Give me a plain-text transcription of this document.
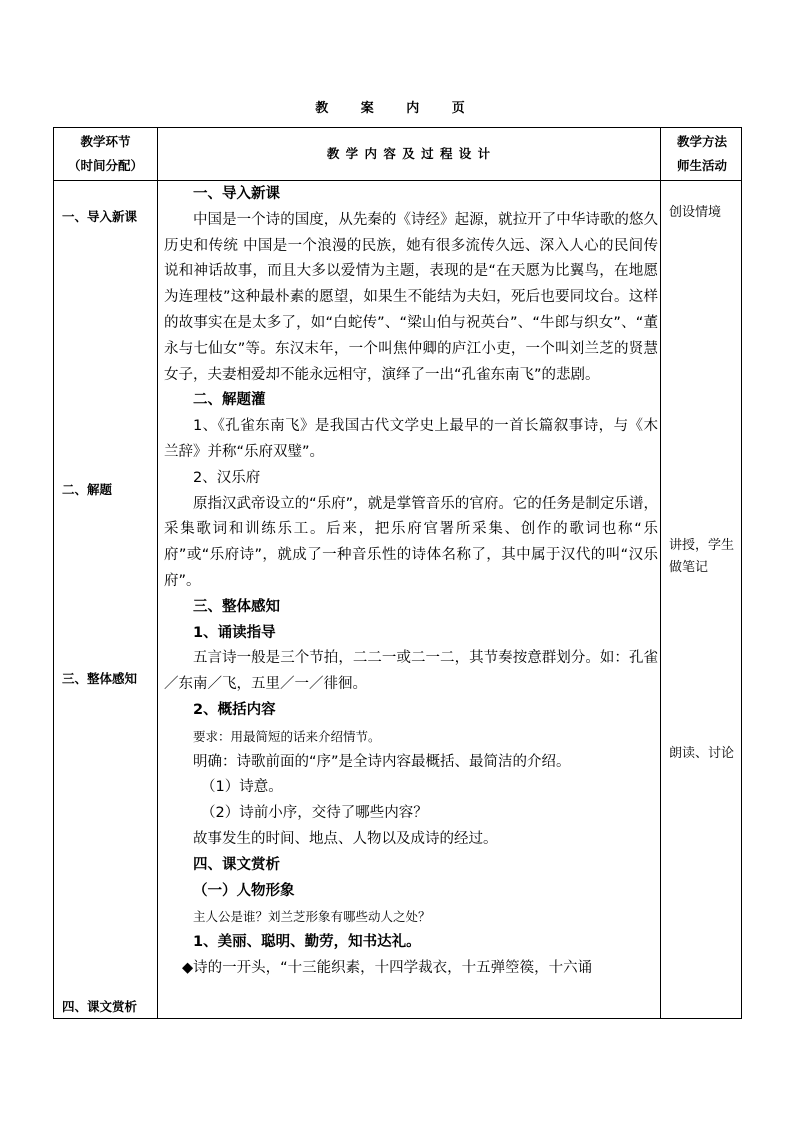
教 案 内 页
教学环节
（时间分配）
教 学 内 容 及 过 程 设 计
教学方法
师生活动
一、导入新课
二、解题
三、整体感知
四、课文赏析
创设情境
讲授，学生做笔记
朗读、讨论

一、导入新课

中国是一个诗的国度，从先秦的《诗经》起源，就拉开了中华诗歌的悠久历史和传统 中国是一个浪漫的民族，她有很多流传久远、深入人心的民间传说和神话故事，而且大多以爱情为主题，表现的是“在天愿为比翼鸟，在地愿为连理枝”这种最朴素的愿望，如果生不能结为夫妇，死后也要同坟台。这样的故事实在是太多了，如“白蛇传”、“梁山伯与祝英台”、“牛郎与织女”、“董永与七仙女”等。东汉末年，一个叫焦仲卿的庐江小吏，一个叫刘兰芝的贤慧女子，夫妻相爱却不能永远相守，演绎了一出“孔雀东南飞”的悲剧。

二、解题灌

1、《孔雀东南飞》是我国古代文学史上最早的一首长篇叙事诗，与《木兰辞》并称“乐府双璧”。

2、汉乐府

原指汉武帝设立的“乐府”，就是掌管音乐的官府。它的任务是制定乐谱，采集歌词和训练乐工。后来，把乐府官署所采集、创作的歌词也称“乐府”或“乐府诗”，就成了一种音乐性的诗体名称了，其中属于汉代的叫“汉乐府”。

三、整体感知

1、诵读指导

五言诗一般是三个节拍，二二一或二一二，其节奏按意群划分。如：孔雀／东南／飞，五里／一／徘徊。

2、概括内容

要求：用最简短的话来介绍情节。

明确：诗歌前面的“序”是全诗内容最概括、最简洁的介绍。

（1）诗意。

（2）诗前小序，交待了哪些内容？

故事发生的时间、地点、人物以及成诗的经过。

四、课文赏析

（一）人物形象

主人公是谁？刘兰芝形象有哪些动人之处？

1、美丽、聪明、勤劳，知书达礼。

◆诗的一开头，“十三能织素，十四学裁衣，十五弹箜篌，十六诵
